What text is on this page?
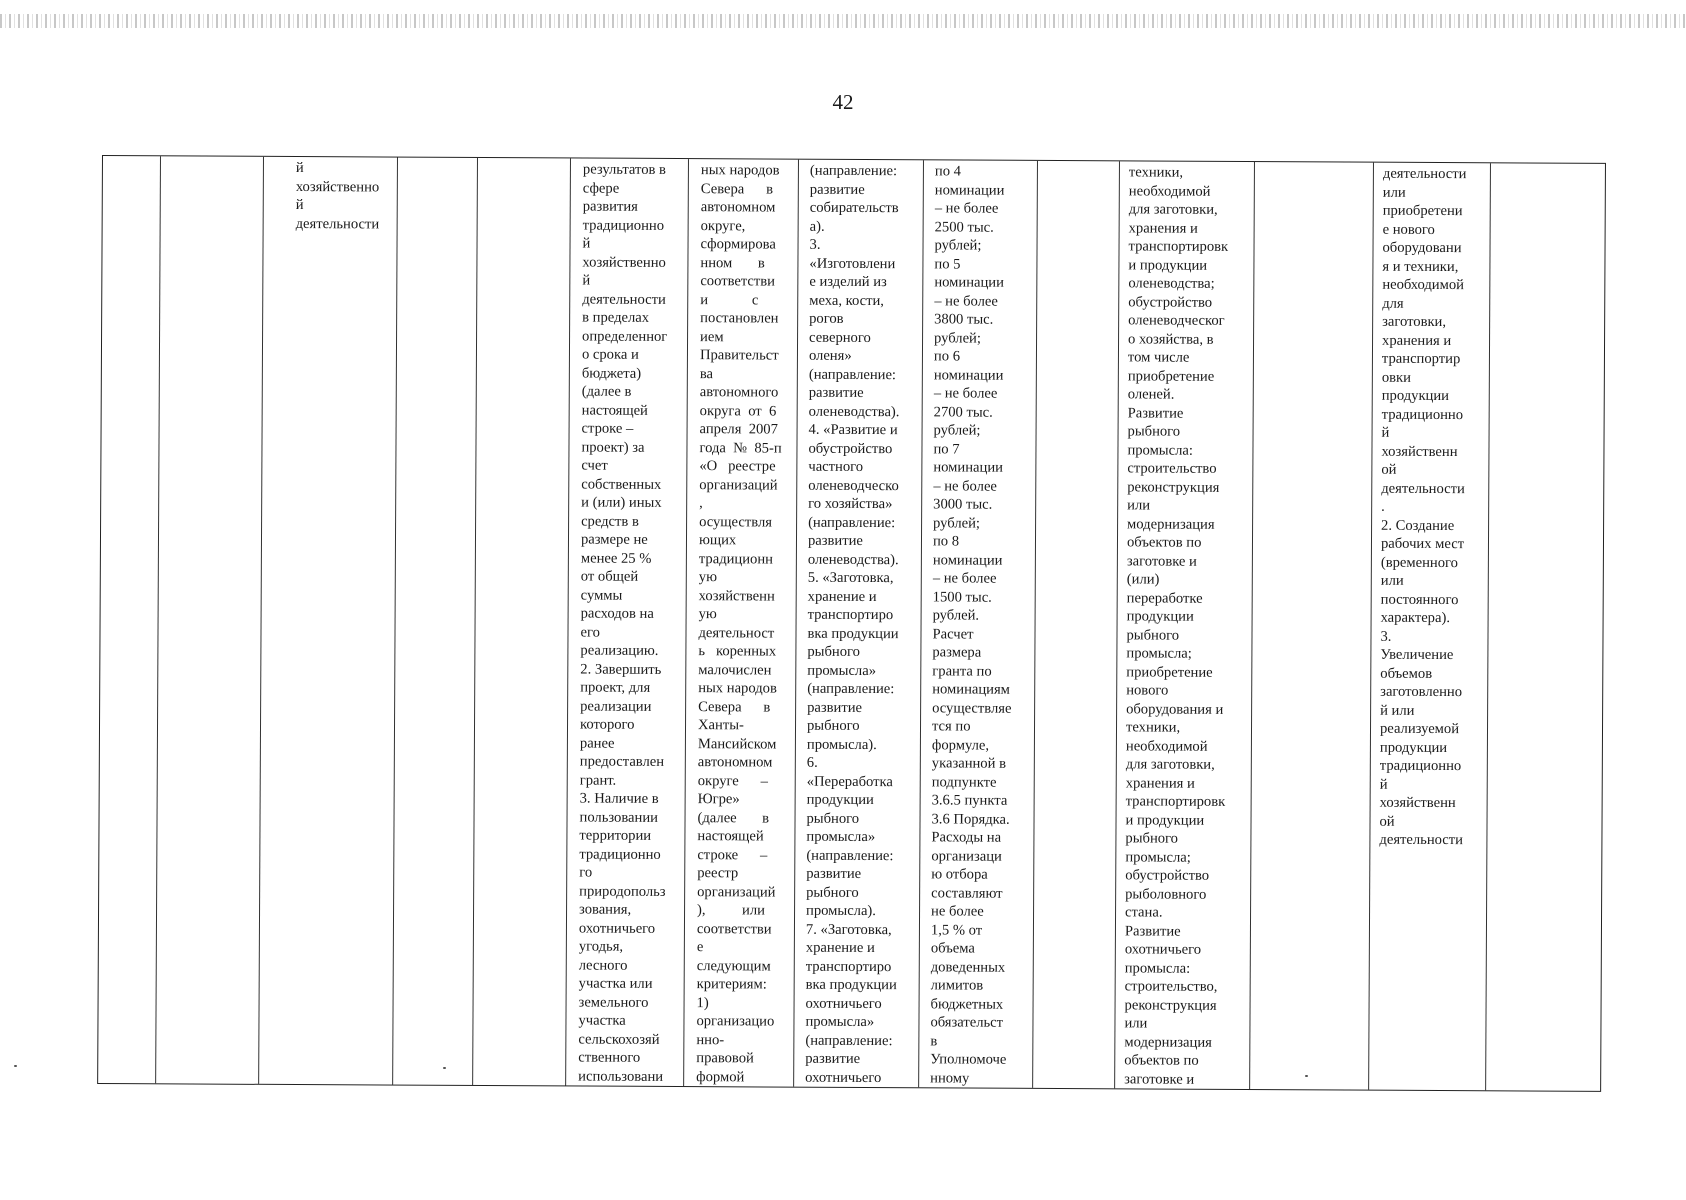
42
й
хозяйственно
й
деятельности
результатов в
сфере
развития
традиционно
й
хозяйственно
й
деятельности
в пределах
определенног
о срока и
бюджета)
(далее в
настоящей
строке –
проект) за
счет
собственных
и (или) иных
средств в
размере не
менее 25 %
от общей
суммы
расходов на
его
реализацию.
2. Завершить
проект, для
реализации
которого
ранее
предоставлен
грант.
3. Наличие в
пользовании
территории
традиционно
го
природопольз
зования,
охотничьего
угодья,
лесного
участка или
земельного
участка
сельскохозяй
ственного
использовани
ных народов
Севера      в
автономном
округе,
сформирова
нном       в
соответстви
и            с
постановлен
ием
Правительст
ва
автономного
округа  от  6
апреля  2007
года  №  85-п
«О   реестре
организаций
,
осуществля
ющих
традиционн
ую
хозяйственн
ую
деятельност
ь   коренных
малочислен
ных народов
Севера      в
Ханты-
Мансийском
автономном
округе      –
Югре»
(далее       в
настоящей
строке      –
реестр
организаций
),          или
соответстви
е
следующим
критериям:
1)
организацио
нно-
правовой
формой
(направление:
развитие
собирательств
а).
3.
«Изготовлени
е изделий из
меха, кости,
рогов
северного
оленя»
(направление:
развитие
оленеводства).
4. «Развитие и
обустройство
частного
оленеводческо
го хозяйства»
(направление:
развитие
оленеводства).
5. «Заготовка,
хранение и
транспортиро
вка продукции
рыбного
промысла»
(направление:
развитие
рыбного
промысла).
6.
«Переработка
продукции
рыбного
промысла»
(направление:
развитие
рыбного
промысла).
7. «Заготовка,
хранение и
транспортиро
вка продукции
охотничьего
промысла»
(направление:
развитие
охотничьего
по 4
номинации
– не более
2500 тыс.
рублей;
по 5
номинации
– не более
3800 тыс.
рублей;
по 6
номинации
– не более
2700 тыс.
рублей;
по 7
номинации
– не более
3000 тыс.
рублей;
по 8
номинации
– не более
1500 тыс.
рублей.
Расчет
размера
гранта по
номинациям
осуществляе
тся по
формуле,
указанной в
подпункте
3.6.5 пункта
3.6 Порядка.
Расходы на
организаци
ю отбора
составляют
не более
1,5 % от
объема
доведенных
лимитов
бюджетных
обязательст
в
Уполномоче
нному
техники,
необходимой
для заготовки,
хранения и
транспортировк
и продукции
оленеводства;
обустройство
оленеводческог
о хозяйства, в
том числе
приобретение
оленей.
Развитие
рыбного
промысла:
строительство
реконструкция
или
модернизация
объектов по
заготовке и
(или)
переработке
продукции
рыбного
промысла;
приобретение
нового
оборудования и
техники,
необходимой
для заготовки,
хранения и
транспортировк
и продукции
рыбного
промысла;
обустройство
рыболовного
стана.
Развитие
охотничьего
промысла:
строительство,
реконструкция
или
модернизация
объектов по
заготовке и
деятельности
или
приобретени
е нового
оборудовани
я и техники,
необходимой
для
заготовки,
хранения и
транспортир
овки
продукции
традиционно
й
хозяйственн
ой
деятельности
.
2. Создание
рабочих мест
(временного
или
постоянного
характера).
3.
Увеличение
объемов
заготовленно
й или
реализуемой
продукции
традиционно
й
хозяйственн
ой
деятельности
